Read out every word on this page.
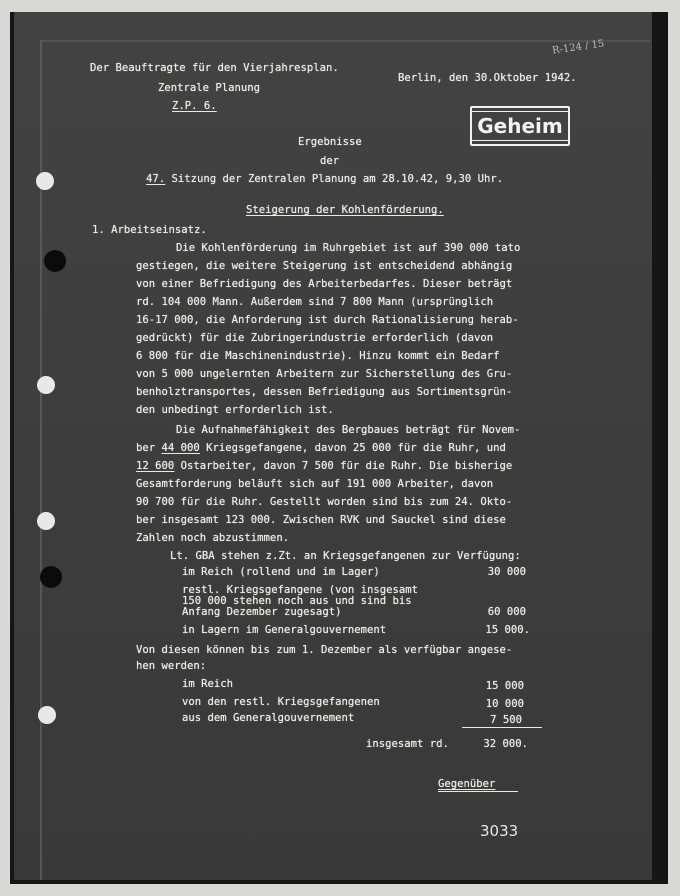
Der Beauftragte für den Vierjahresplan.
Berlin, den 30.Oktober 1942.
Zentrale Planung
Z.P. 6.
R-124 / 15
Geheim
Ergebnisse
der
47. Sitzung der Zentralen Planung am 28.10.42, 9,30 Uhr.
Steigerung der Kohlenförderung.
1. Arbeitseinsatz.
Die Kohlenförderung im Ruhrgebiet ist auf 390 000 tato
gestiegen, die weitere Steigerung ist entscheidend abhängig
von einer Befriedigung des Arbeiterbedarfes. Dieser beträgt
rd. 104 000 Mann. Außerdem sind 7 800 Mann (ursprünglich
16-17 000, die Anforderung ist durch Rationalisierung herab-
gedrückt) für die Zubringerindustrie erforderlich (davon
6 800 für die Maschinenindustrie). Hinzu kommt ein Bedarf
von 5 000 ungelernten Arbeitern zur Sicherstellung des Gru-
benholztransportes, dessen Befriedigung aus Sortimentsgrün-
den unbedingt erforderlich ist.
Die Aufnahmefähigkeit des Bergbaues beträgt für Novem-
ber 44 000 Kriegsgefangene, davon 25 000 für die Ruhr, und
12 600 Ostarbeiter, davon 7 500 für die Ruhr. Die bisherige
Gesamtforderung beläuft sich auf 191 000 Arbeiter, davon
90 700 für die Ruhr. Gestellt worden sind bis zum 24. Okto-
ber insgesamt 123 000. Zwischen RVK und Sauckel sind diese
Zahlen noch abzustimmen.
Lt. GBA stehen z.Zt. an Kriegsgefangenen zur Verfügung:
im Reich (rollend und im Lager)	30 000
restl. Kriegsgefangene (von insgesamt
150 000 stehen noch aus und sind bis
Anfang Dezember zugesagt)	60 000
in Lagern im Generalgouvernement	15 000.
Von diesen können bis zum 1. Dezember als verfügbar angese-
hen werden:
im Reich	15 000
von den restl. Kriegsgefangenen	10 000
aus dem Generalgouvernement	7 500
insgesamt rd.	32 000.
Gegenüber
3033
